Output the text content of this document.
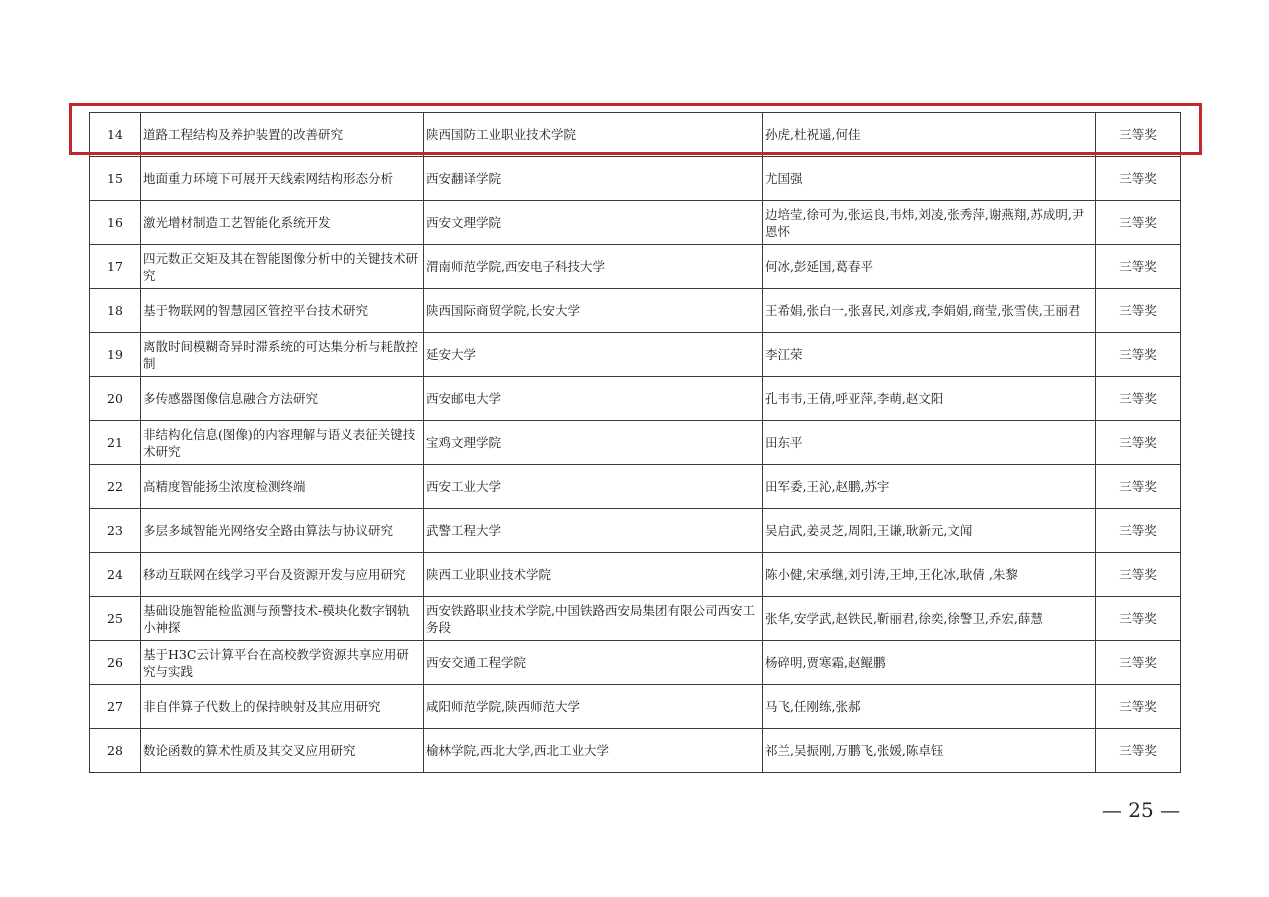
14	道路工程结构及养护装置的改善研究	陕西国防工业职业技术学院	孙虎,杜祝遥,何佳	三等奖
15	地面重力环境下可展开天线索网结构形态分析	西安翻译学院	尤国强	三等奖
16	激光增材制造工艺智能化系统开发	西安文理学院	边培莹,徐可为,张运良,韦炜,刘凌,张秀萍,谢燕翔,苏成明,尹恩怀	三等奖
17	四元数正交矩及其在智能图像分析中的关键技术研究	渭南师范学院,西安电子科技大学	何冰,彭延国,葛春平	三等奖
18	基于物联网的智慧园区管控平台技术研究	陕西国际商贸学院,长安大学	王希娟,张白一,张喜民,刘彦戎,李娟娟,商莹,张雪侠,王丽君	三等奖
19	离散时间模糊奇异时滞系统的可达集分析与耗散控制	延安大学	李江荣	三等奖
20	多传感器图像信息融合方法研究	西安邮电大学	孔韦韦,王倩,呼亚萍,李萌,赵文阳	三等奖
21	非结构化信息(图像)的内容理解与语义表征关键技术研究	宝鸡文理学院	田东平	三等奖
22	高精度智能扬尘浓度检测终端	西安工业大学	田军委,王沁,赵鹏,苏宇	三等奖
23	多层多域智能光网络安全路由算法与协议研究	武警工程大学	吴启武,姜灵芝,周阳,王谦,耿新元,文闻	三等奖
24	移动互联网在线学习平台及资源开发与应用研究	陕西工业职业技术学院	陈小健,宋承继,刘引涛,王坤,王化冰,耿倩 ,朱黎	三等奖
25	基础设施智能检监测与预警技术-模块化数字钢轨小神探	西安铁路职业技术学院,中国铁路西安局集团有限公司西安工务段	张华,安学武,赵铁民,靳丽君,徐奕,徐警卫,乔宏,薛慧	三等奖
26	基于H3C云计算平台在高校教学资源共享应用研究与实践	西安交通工程学院	杨碎明,贾寒霜,赵鲲鹏	三等奖
27	非自伴算子代数上的保持映射及其应用研究	咸阳师范学院,陕西师范大学	马飞,任刚练,张郝	三等奖
28	数论函数的算术性质及其交叉应用研究	榆林学院,西北大学,西北工业大学	祁兰,吴振刚,万鹏飞,张媛,陈卓钰	三等奖
— 25 —
